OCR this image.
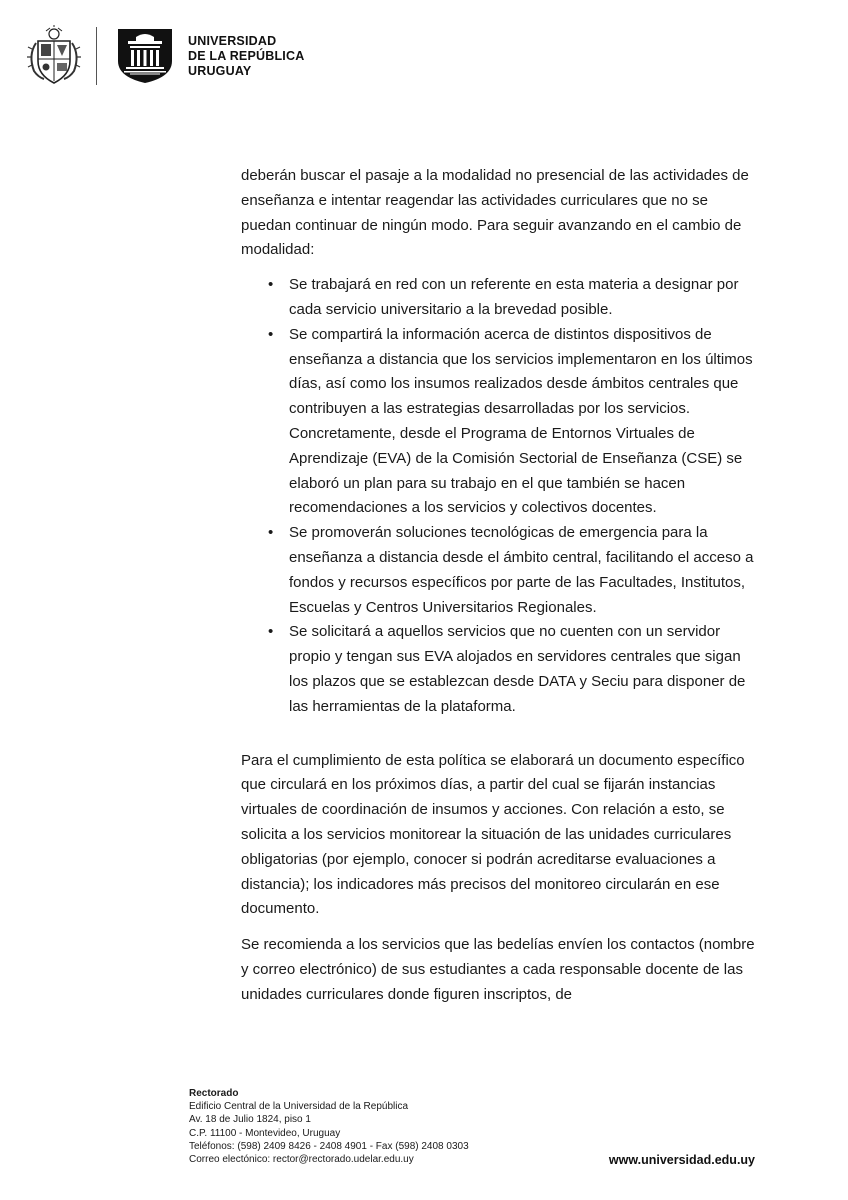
UNIVERSIDAD
DE LA REPÚBLICA
URUGUAY

deberán buscar el pasaje a la modalidad no presencial de las actividades de enseñanza e intentar reagendar las actividades curriculares que no se puedan continuar de ningún modo. Para seguir avanzando en el cambio de modalidad:

• Se trabajará en red con un referente en esta materia a designar por cada servicio universitario a la brevedad posible.
• Se compartirá la información acerca de distintos dispositivos de enseñanza a distancia que los servicios implementaron en los últimos días, así como los insumos realizados desde ámbitos centrales que contribuyen a las estrategias desarrolladas por los servicios. Concretamente, desde el Programa de Entornos Virtuales de Aprendizaje (EVA) de la Comisión Sectorial de Enseñanza (CSE) se elaboró un plan para su trabajo en el que también se hacen recomendaciones a los servicios y colectivos docentes.
• Se promoverán soluciones tecnológicas de emergencia para la enseñanza a distancia desde el ámbito central, facilitando el acceso a fondos y recursos específicos por parte de las Facultades, Institutos, Escuelas y Centros Universitarios Regionales.
• Se solicitará a aquellos servicios que no cuenten con un servidor propio y tengan sus EVA alojados en servidores centrales que sigan los plazos que se establezcan desde DATA y Seciu para disponer de las herramientas de la plataforma.

Para el cumplimiento de esta política se elaborará un documento específico que circulará en los próximos días, a partir del cual se fijarán instancias virtuales de coordinación de insumos y acciones. Con relación a esto, se solicita a los servicios monitorear la situación de las unidades curriculares obligatorias (por ejemplo, conocer si podrán acreditarse evaluaciones a distancia); los indicadores más precisos del monitoreo circularán en ese documento.

Se recomienda a los servicios que las bedelías envíen los contactos (nombre y correo electrónico) de sus estudiantes a cada responsable docente de las unidades curriculares donde figuren inscriptos, de

Rectorado
Edificio Central de la Universidad de la República
Av. 18 de Julio 1824, piso 1
C.P. 11100 - Montevideo, Uruguay
Teléfonos: (598) 2409 8426 - 2408 4901 - Fax (598) 2408 0303
Correo electónico: rector@rectorado.udelar.edu.uy	www.universidad.edu.uy
